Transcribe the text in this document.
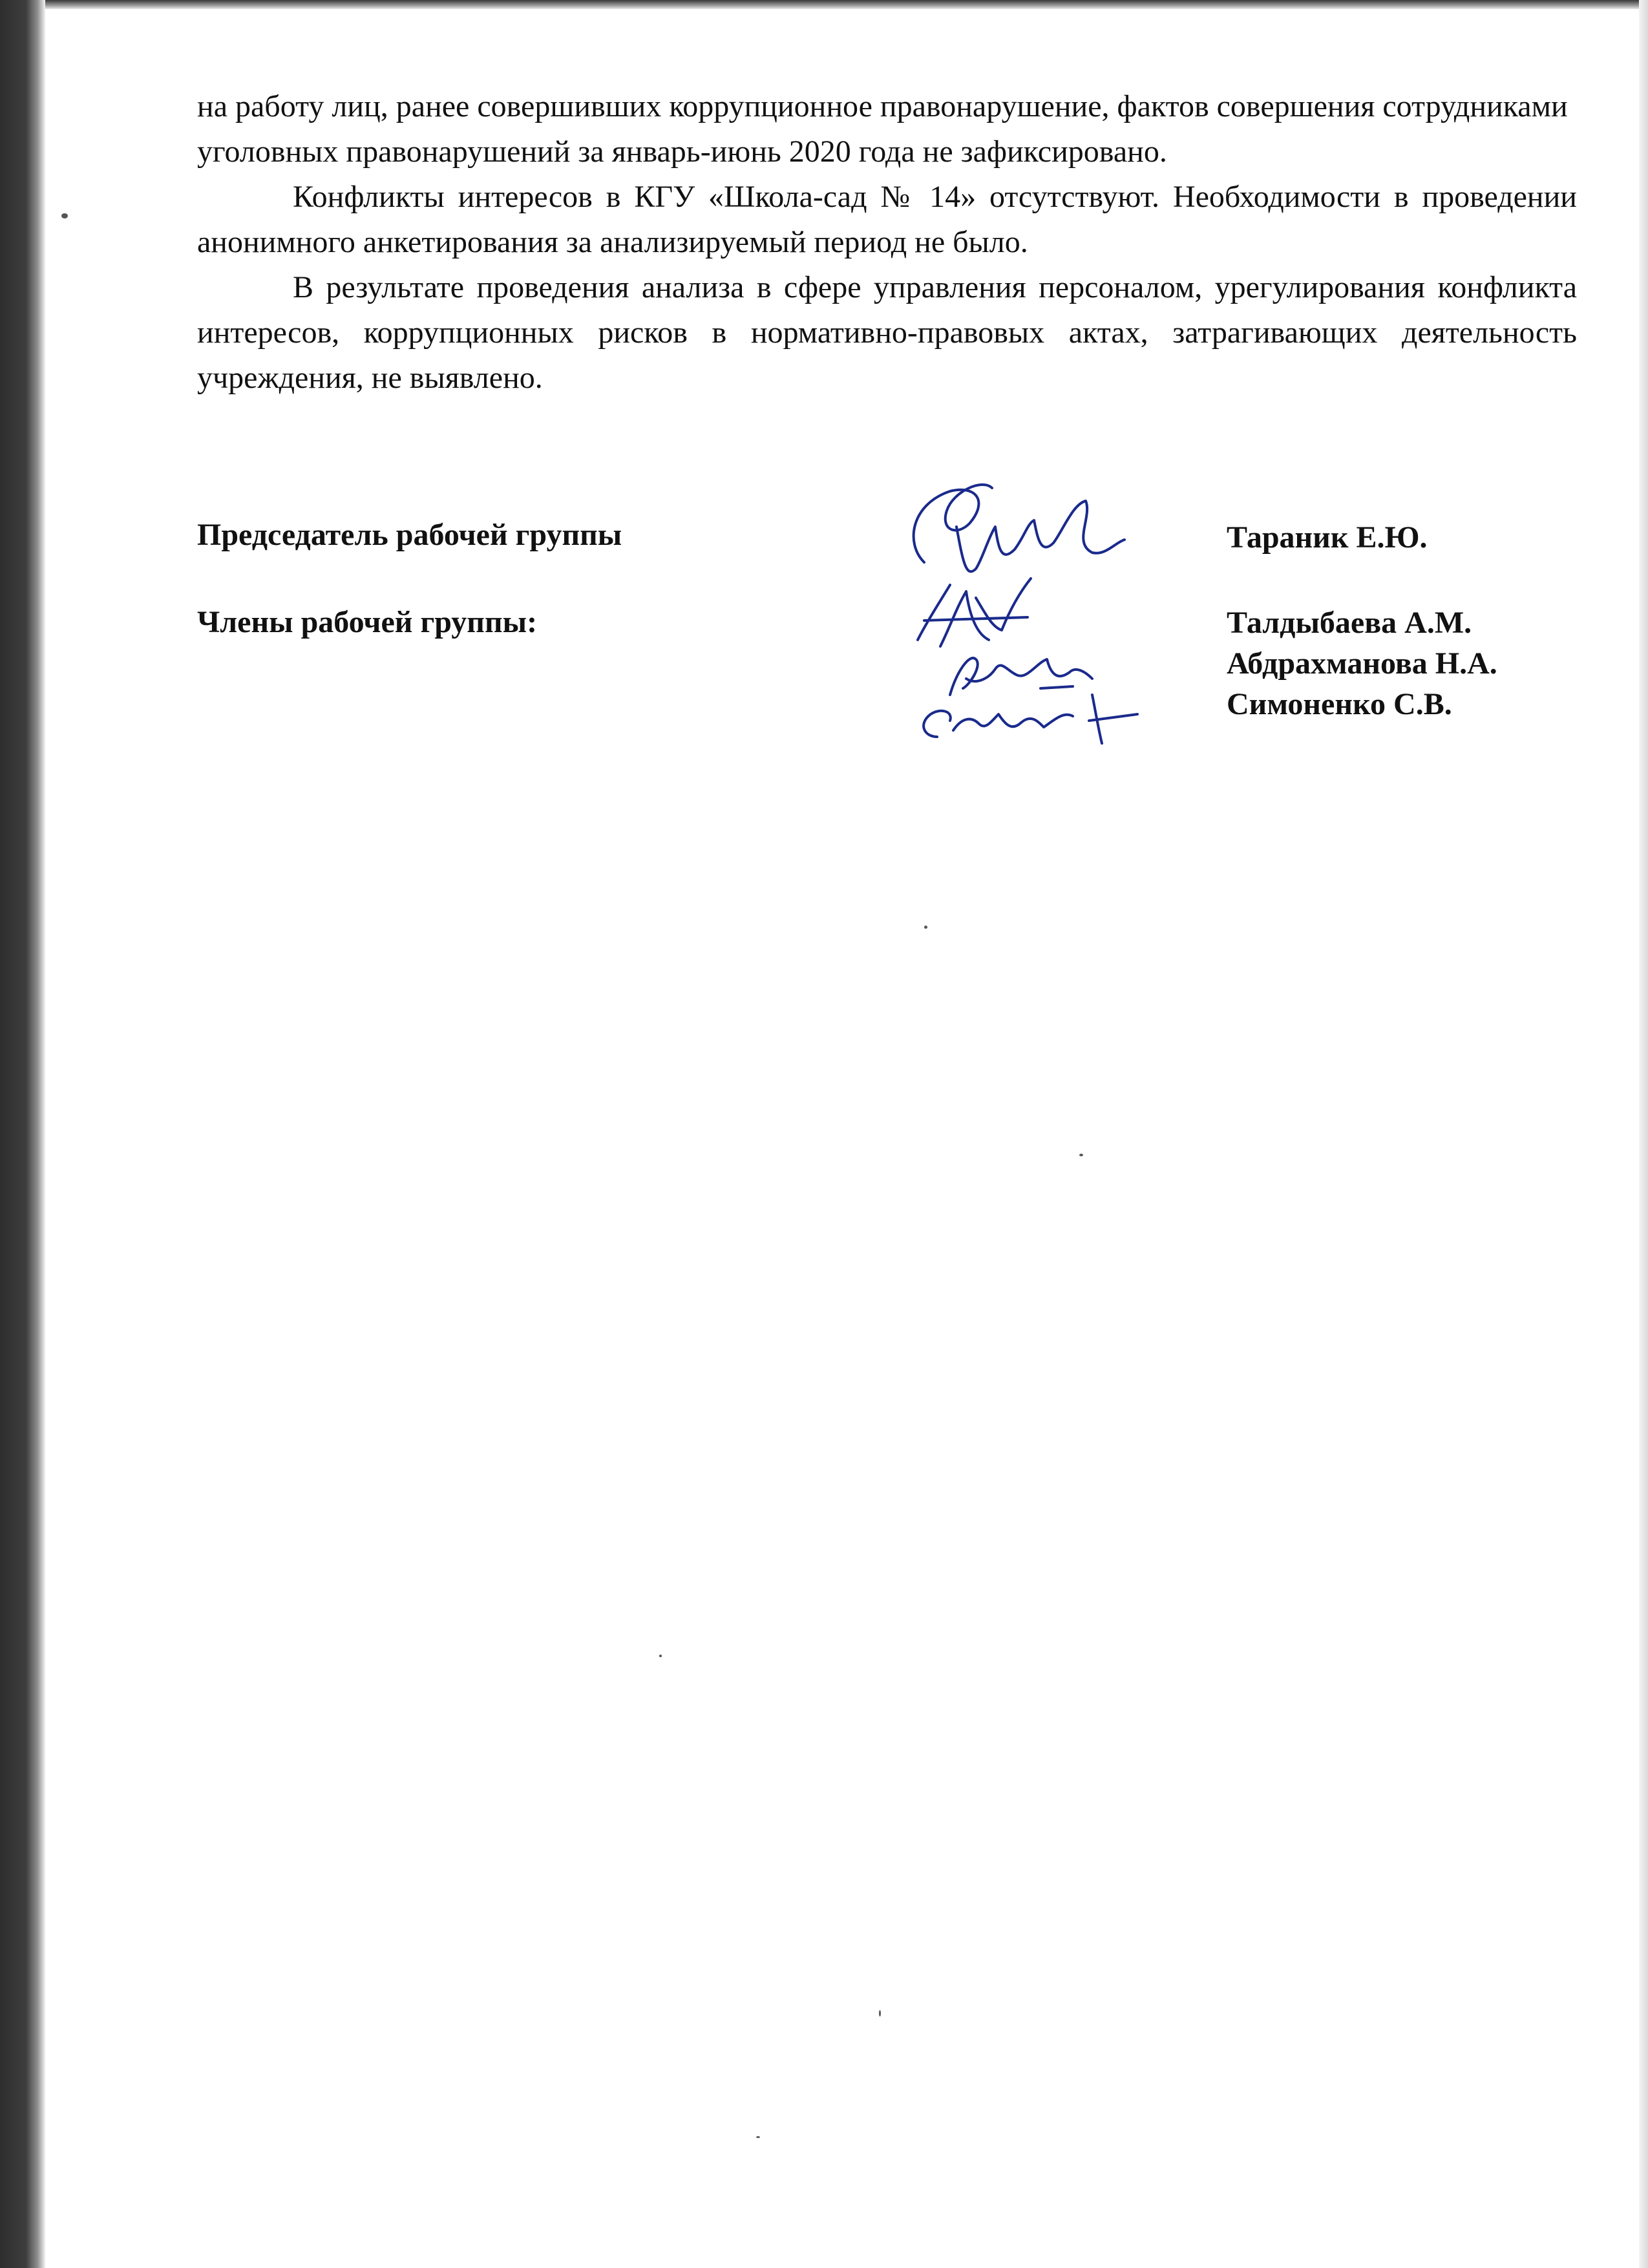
на работу лиц, ранее совершивших коррупционное правонарушение, фактов совершения сотрудниками уголовных правонарушений за январь-июнь 2020 года не зафиксировано.

Конфликты интересов в КГУ «Школа-сад № 14» отсутствуют. Необходимости в проведении анонимного анкетирования за анализируемый период не было.

В результате проведения анализа в сфере управления персоналом, урегулирования конфликта интересов, коррупционных рисков в нормативно-правовых актах, затрагивающих деятельность учреждения, не выявлено.

Председатель рабочей группы	Тараник Е.Ю.
Члены рабочей группы:	Талдыбаева А.М.
Абдрахманова Н.А.
Симоненко С.В.
